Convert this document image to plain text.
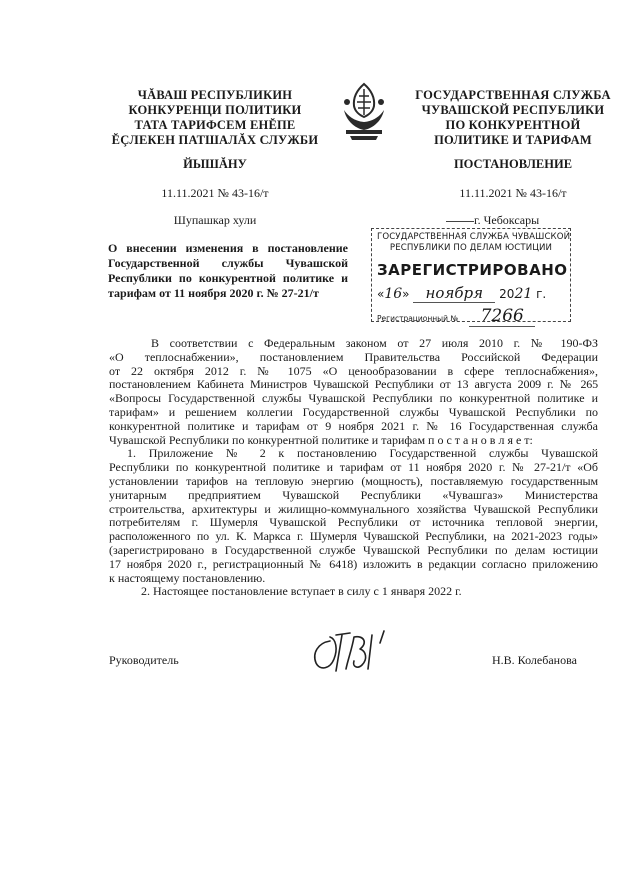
ЧĂВАШ РЕСПУБЛИКИН
КОНКУРЕНЦИ ПОЛИТИКИ
ТАТА ТАРИФСЕМ ЕНĔПЕ
ĔÇЛЕКЕН ПАТШАЛĂХ СЛУЖБИ
ГОСУДАРСТВЕННАЯ СЛУЖБА
ЧУВАШСКОЙ РЕСПУБЛИКИ
ПО КОНКУРЕНТНОЙ
ПОЛИТИКЕ И ТАРИФАМ
ЙЫШĂНУ	ПОСТАНОВЛЕНИЕ
11.11.2021 № 43-16/т	11.11.2021 № 43-16/т
Шупашкар хули	г. Чебоксары
ГОСУДАРСТВЕННАЯ СЛУЖБА ЧУВАШСКОЙ
РЕСПУБЛИКИ ПО ДЕЛАМ ЮСТИЦИИ
ЗАРЕГИСТРИРОВАНО
«16» ноября 2021 г.
Регистрационный № 7266
О внесении изменения в постановление
Государственной службы Чувашской
Республики по конкурентной политике и
тарифам от 11 ноября 2020 г. № 27-21/т
В соответствии с Федеральным законом от 27 июля 2010 г. № 190-ФЗ
«О теплоснабжении», постановлением Правительства Российской Федерации
от 22 октября 2012 г. № 1075 «О ценообразовании в сфере теплоснабжения»,
постановлением Кабинета Министров Чувашской Республики от 13 августа 2009 г. № 265
«Вопросы Государственной службы Чувашской Республики по конкурентной политике и
тарифам» и решением коллегии Государственной службы Чувашской Республики по
конкурентной политике и тарифам от 9 ноября 2021 г. № 16 Государственная служба
Чувашской Республики по конкурентной политике и тарифам п о с т а н о в л я е т:
1. Приложение № 2 к постановлению Государственной службы Чувашской
Республики по конкурентной политике и тарифам от 11 ноября 2020 г. № 27-21/т «Об
установлении тарифов на тепловую энергию (мощность), поставляемую государственным
унитарным предприятием Чувашской Республики «Чувашгаз» Министерства
строительства, архитектуры и жилищно-коммунального хозяйства Чувашской Республики
потребителям г. Шумерля Чувашской Республики от источника тепловой энергии,
расположенного по ул. К. Маркса г. Шумерля Чувашской Республики, на 2021-2023 годы»
(зарегистрировано в Государственной службе Чувашской Республики по делам юстиции
17 ноября 2020 г., регистрационный № 6418) изложить в редакции согласно приложению
к настоящему постановлению.
2. Настоящее постановление вступает в силу с 1 января 2022 г.
Руководитель	Н.В. Колебанова
